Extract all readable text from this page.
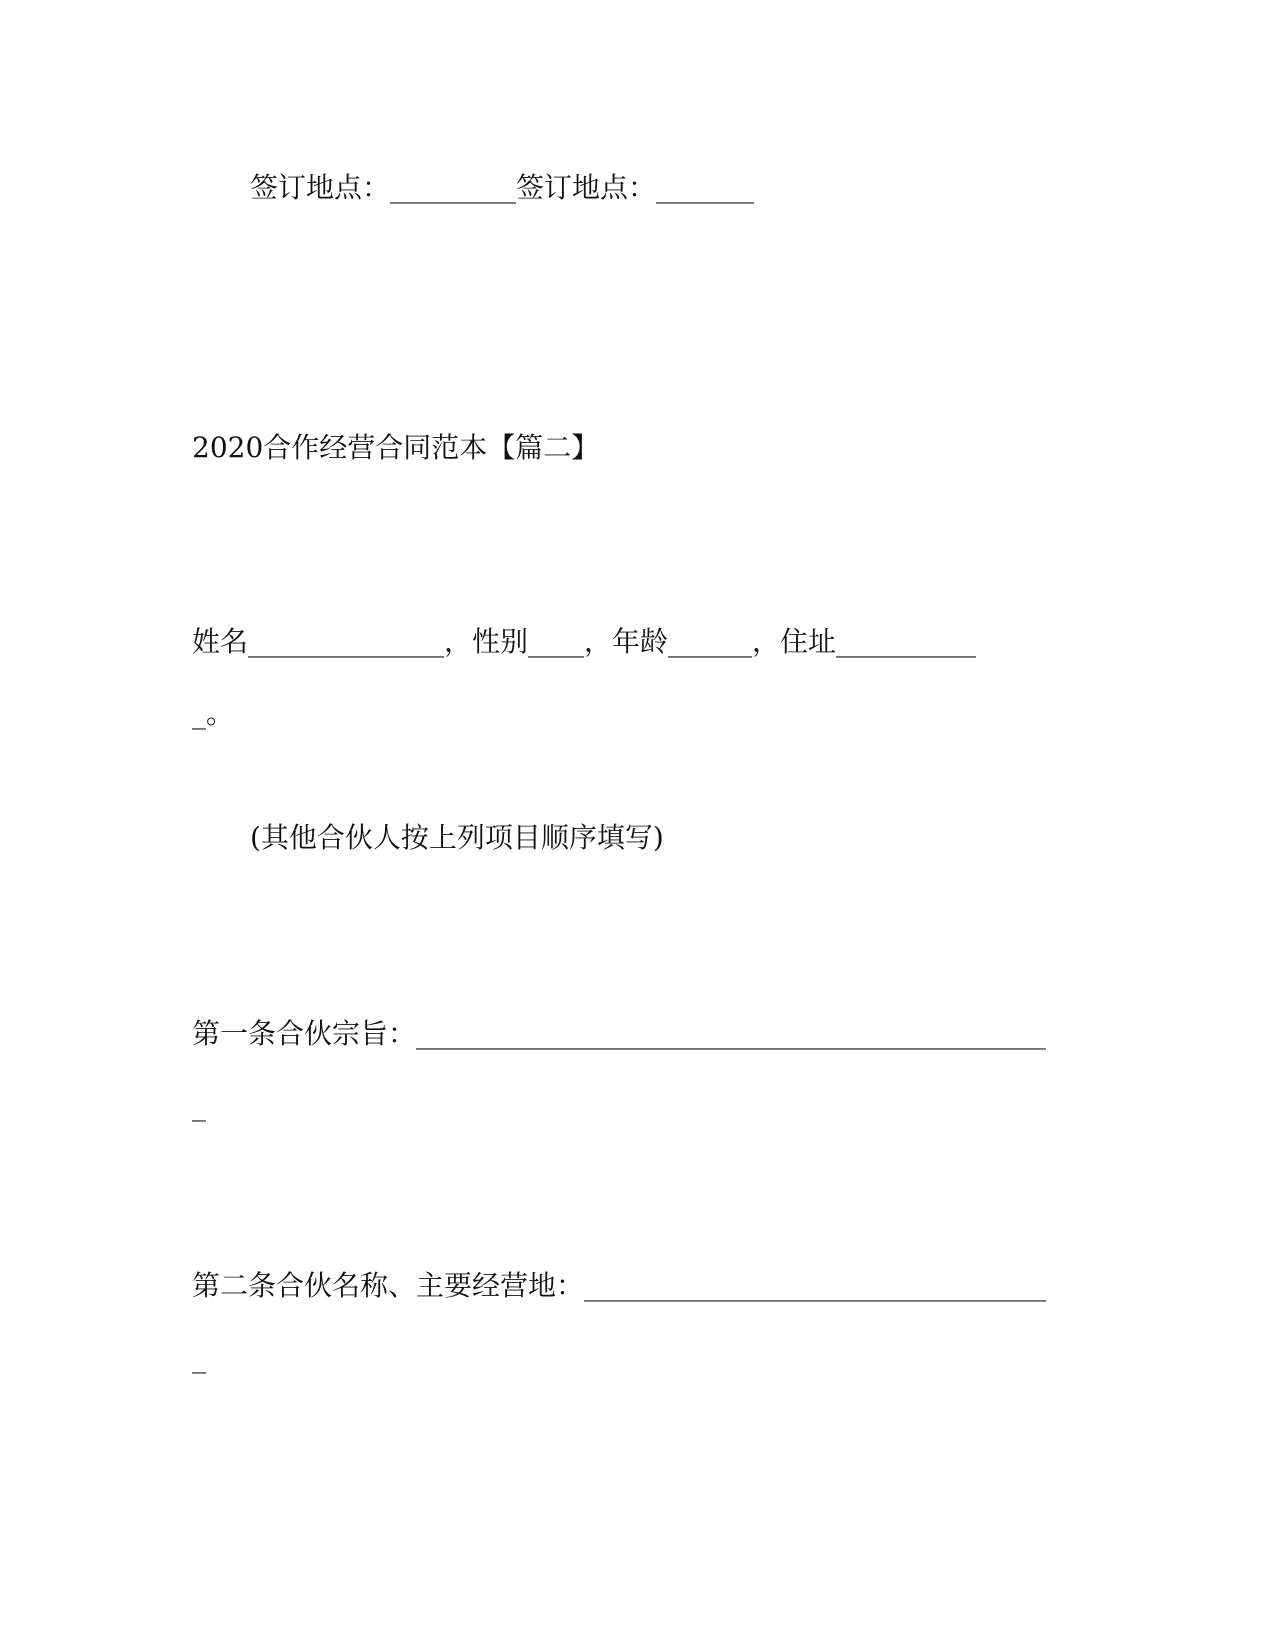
签订地点：_________签订地点：_______
2020合作经营合同范本【篇二】
姓名______________，性别____，年龄______，住址__________
_。
(其他合伙人按上列项目顺序填写)
第一条合伙宗旨：_____________________________________________
_
第二条合伙名称、主要经营地：_________________________________
_
